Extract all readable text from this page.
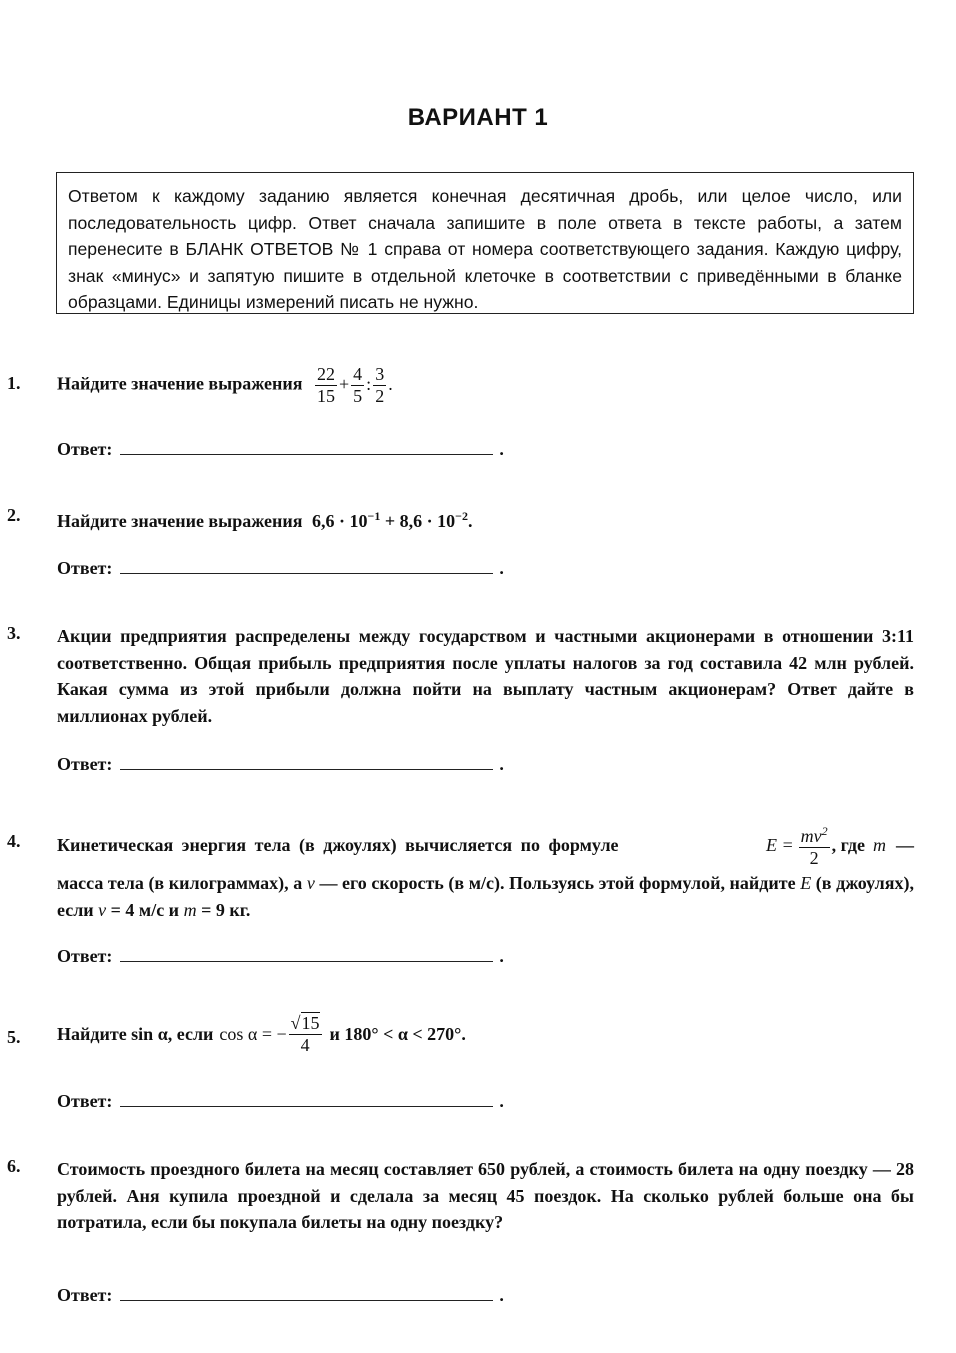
ВАРИАНТ 1
Ответом к каждому заданию является конечная десятичная дробь, или целое число, или последовательность цифр. Ответ сначала запишите в поле ответа в тексте работы, а затем перенесите в БЛАНК ОТВЕТОВ № 1 справа от номера соответствующего задания. Каждую цифру, знак «минус» и запятую пишите в отдельной клеточке в соответствии с приведёнными в бланке образцами. Единицы измерений писать не нужно.
1. Найдите значение выражения $\frac{22}{15} + \frac{4}{5}$ : $\frac{3}{2}$ .
Ответ:	.
2. Найдите значение выражения $6,6 \cdot 10^{-1} + 8,6 \cdot 10^{-2}$.
Ответ:	.
3. Акции предприятия распределены между государством и частными акционерами в отношении 3:11 соответственно. Общая прибыль предприятия после уплаты налогов за год составила 42 млн рублей. Какая сумма из этой прибыли должна пойти на выплату частным акционерам? Ответ дайте в миллионах рублей.
Ответ:	.
4. Кинетическая энергия тела (в джоулях) вычисляется по формуле	$E = \frac{mv^2}{2}$ , где m —
масса тела (в килограммах), а v — его скорость (в м/с). Пользуясь этой формулой, найдите E (в джоулях), если v = 4 м/с и m = 9 кг.
Ответ:	.
5. Найдите sin α, если cos α = − $\frac{√15}{4}$ и 180° < α < 270°.
Ответ:	.
6. Стоимость проездного билета на месяц составляет 650 рублей, а стоимость билета на одну поездку — 28 рублей. Аня купила проездной и сделала за месяц 45 поездок. На сколько рублей больше она бы потратила, если бы покупала билеты на одну поездку?
Ответ:	.
